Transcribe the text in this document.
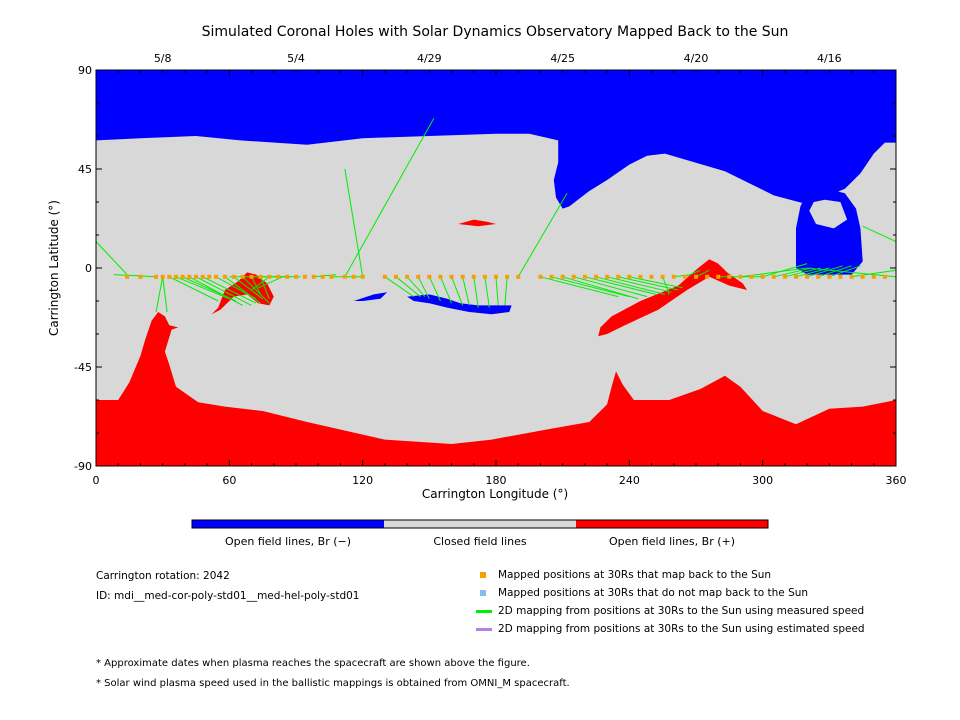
Simulated Coronal Holes with Solar Dynamics Observatory Mapped Back to the Sun
5/8	5/4	4/29	4/25	4/20	4/16
0	60	120	180	240	300	360
-90
-45
0
45
90
Carrington Longitude (°)
Carrington Latitude (°)
Open field lines, Br (−)	Closed field lines	Open field lines, Br (+)
Carrington rotation: 2042
ID: mdi__med-cor-poly-std01__med-hel-poly-std01
Mapped positions at 30Rs that map back to the Sun
Mapped positions at 30Rs that do not map back to the Sun
2D mapping from positions at 30Rs to the Sun using measured speed
2D mapping from positions at 30Rs to the Sun using estimated speed
* Approximate dates when plasma reaches the spacecraft are shown above the figure.
* Solar wind plasma speed used in the ballistic mappings is obtained from OMNI_M spacecraft.
